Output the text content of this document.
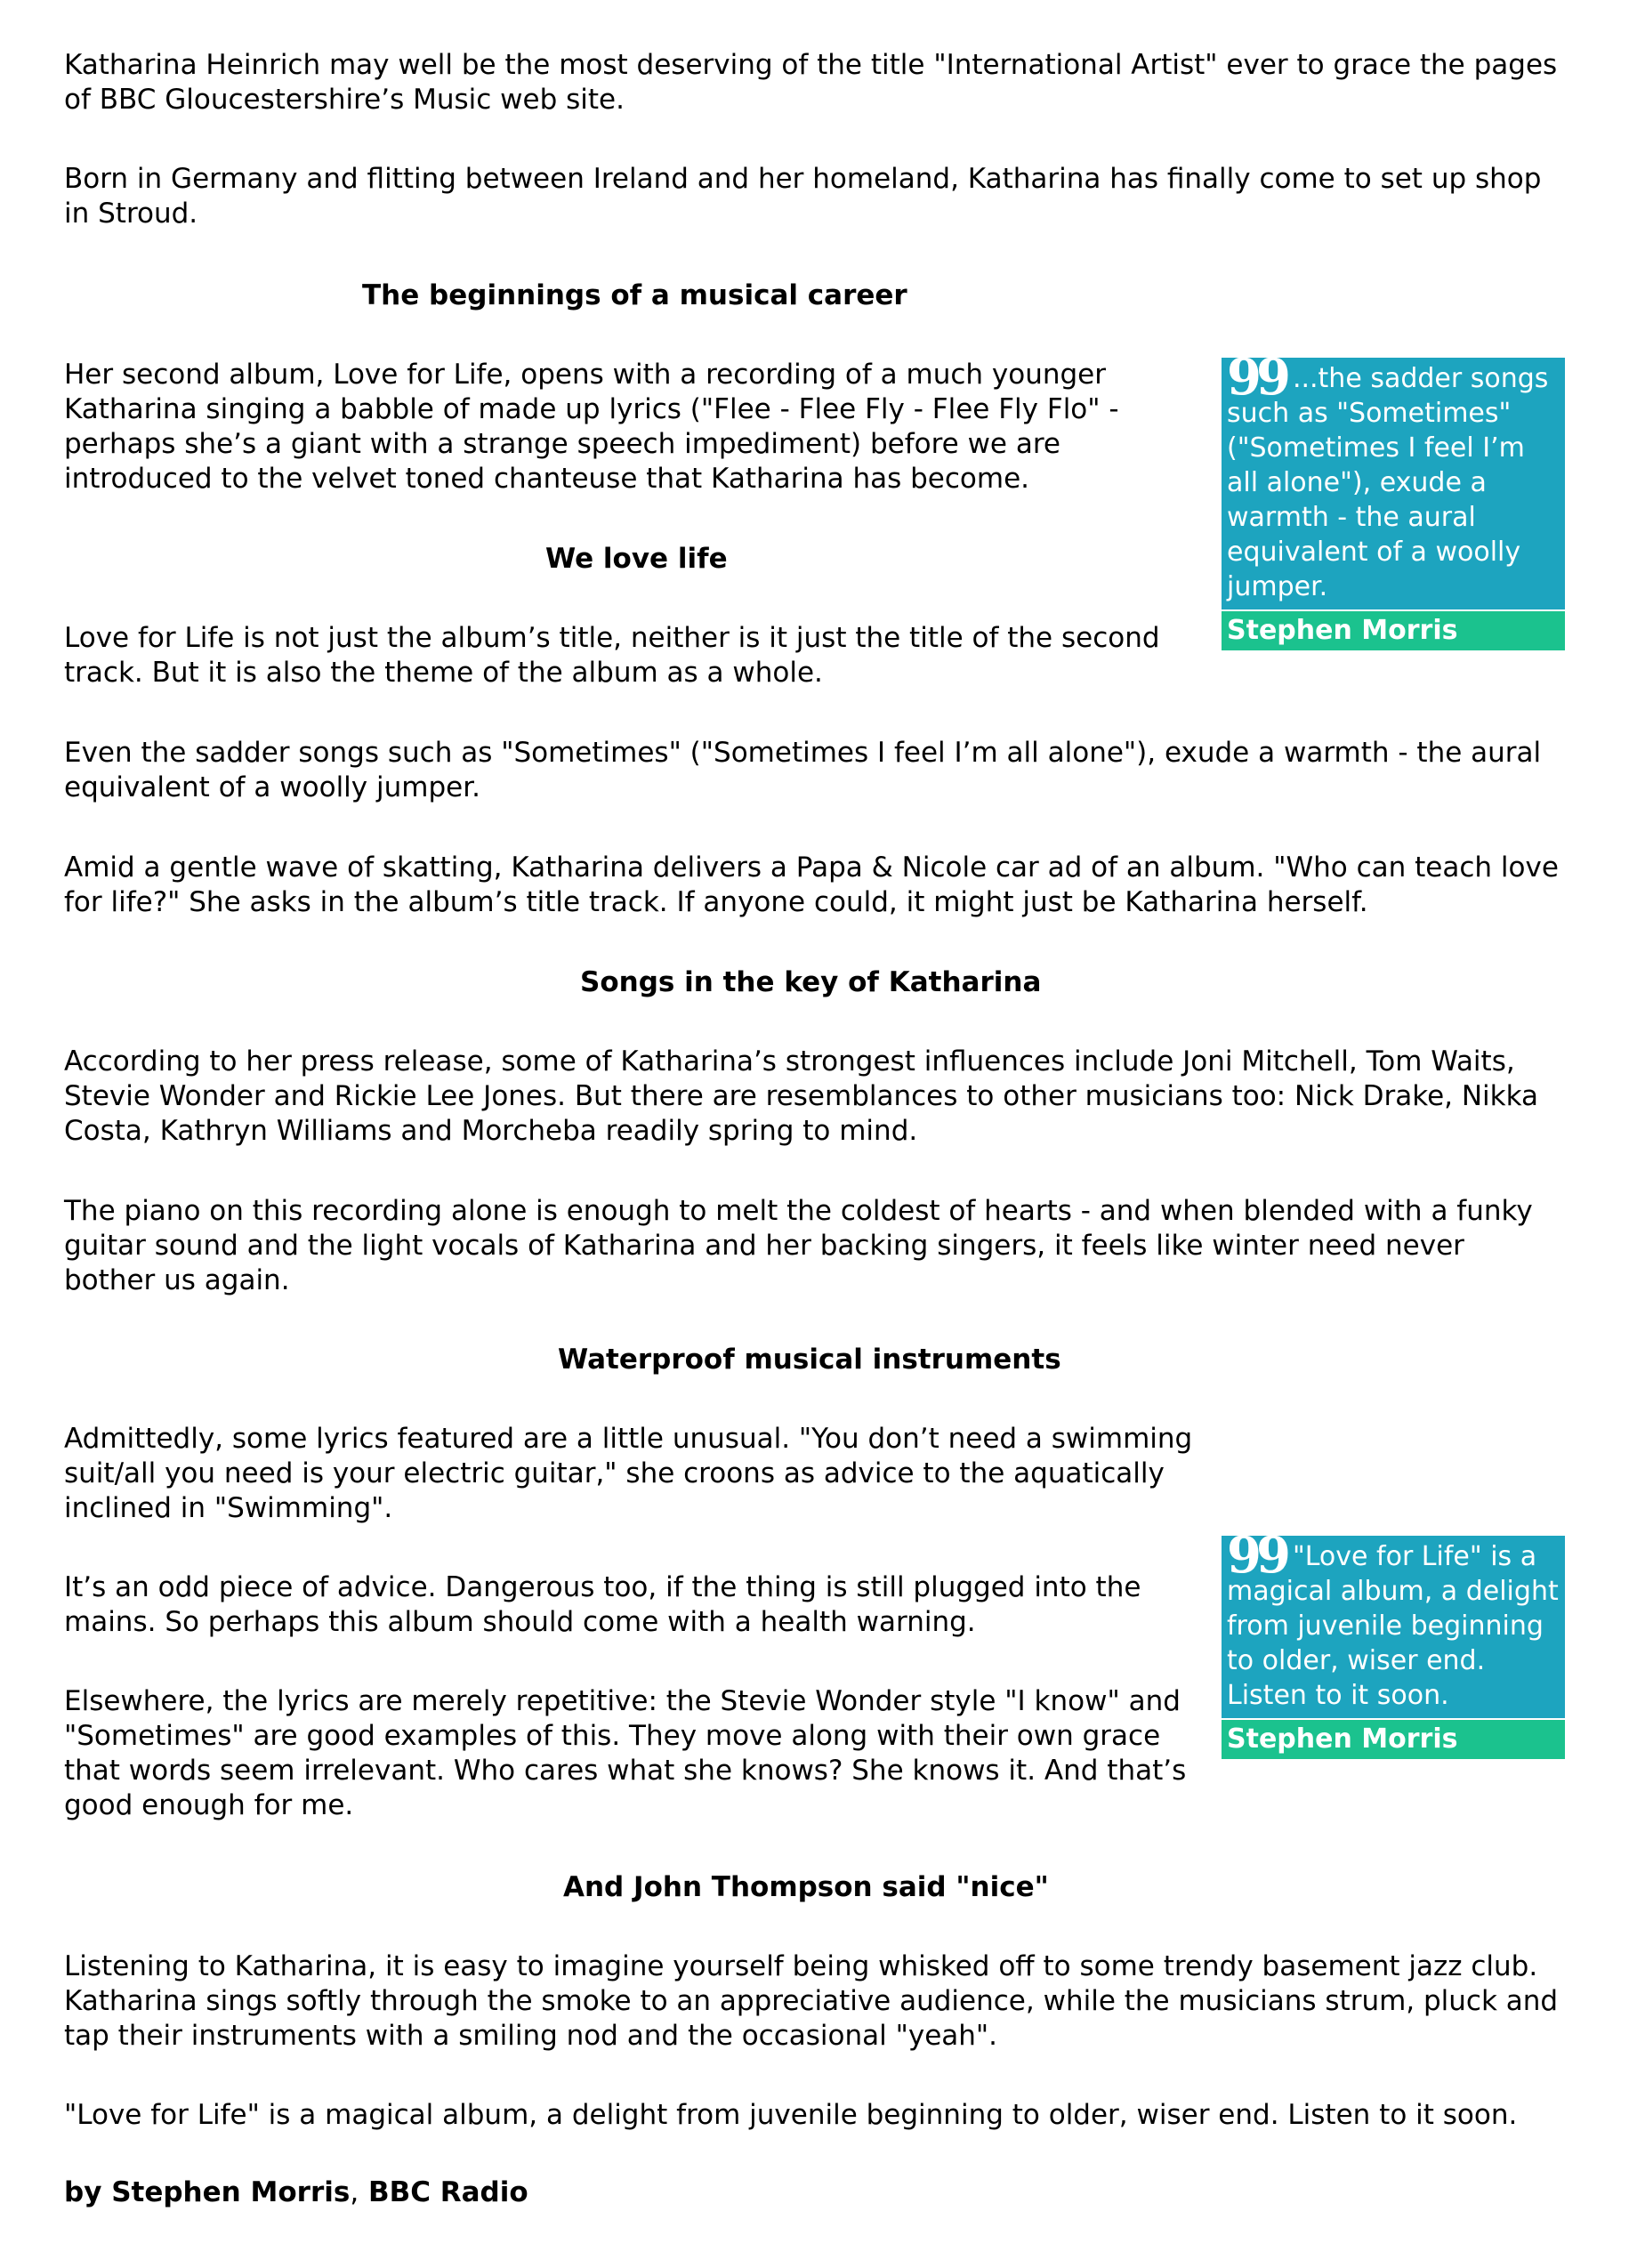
Katharina Heinrich may well be the most deserving of the title "International Artist" ever to grace the pages of BBC Gloucestershire’s Music web site.

Born in Germany and flitting between Ireland and her homeland, Katharina has finally come to set up shop in Stroud.

The beginnings of a musical career

Her second album, Love for Life, opens with a recording of a much younger Katharina singing a babble of made up lyrics ("Flee - Flee Fly - Flee Fly Flo" - perhaps she’s a giant with a strange speech impediment) before we are introduced to the velvet toned chanteuse that Katharina has become.

We love life

Love for Life is not just the album’s title, neither is it just the title of the second track. But it is also the theme of the album as a whole.

99 ...the sadder songs such as "Sometimes" ("Sometimes I feel I’m all alone"), exude a warmth - the aural equivalent of a woolly jumper.
Stephen Morris

Even the sadder songs such as "Sometimes" ("Sometimes I feel I’m all alone"), exude a warmth - the aural equivalent of a woolly jumper.

Amid a gentle wave of skatting, Katharina delivers a Papa & Nicole car ad of an album. "Who can teach love for life?" She asks in the album’s title track. If anyone could, it might just be Katharina herself.

Songs in the key of Katharina

According to her press release, some of Katharina’s strongest influences include Joni Mitchell, Tom Waits, Stevie Wonder and Rickie Lee Jones. But there are resemblances to other musicians too: Nick Drake, Nikka Costa, Kathryn Williams and Morcheba readily spring to mind.

The piano on this recording alone is enough to melt the coldest of hearts - and when blended with a funky guitar sound and the light vocals of Katharina and her backing singers, it feels like winter need never bother us again.

Waterproof musical instruments

Admittedly, some lyrics featured are a little unusual. "You don’t need a swimming suit/all you need is your electric guitar," she croons as advice to the aquatically inclined in "Swimming".

It’s an odd piece of advice. Dangerous too, if the thing is still plugged into the mains. So perhaps this album should come with a health warning.

Elsewhere, the lyrics are merely repetitive: the Stevie Wonder style "I know" and "Sometimes" are good examples of this. They move along with their own grace that words seem irrelevant. Who cares what she knows? She knows it. And that’s good enough for me.

99 "Love for Life" is a magical album, a delight from juvenile beginning to older, wiser end. Listen to it soon.
Stephen Morris
And John Thompson said "nice"

Listening to Katharina, it is easy to imagine yourself being whisked off to some trendy basement jazz club. Katharina sings softly through the smoke to an appreciative audience, while the musicians strum, pluck and tap their instruments with a smiling nod and the occasional "yeah".

"Love for Life" is a magical album, a delight from juvenile beginning to older, wiser end. Listen to it soon.

by Stephen Morris, BBC Radio
